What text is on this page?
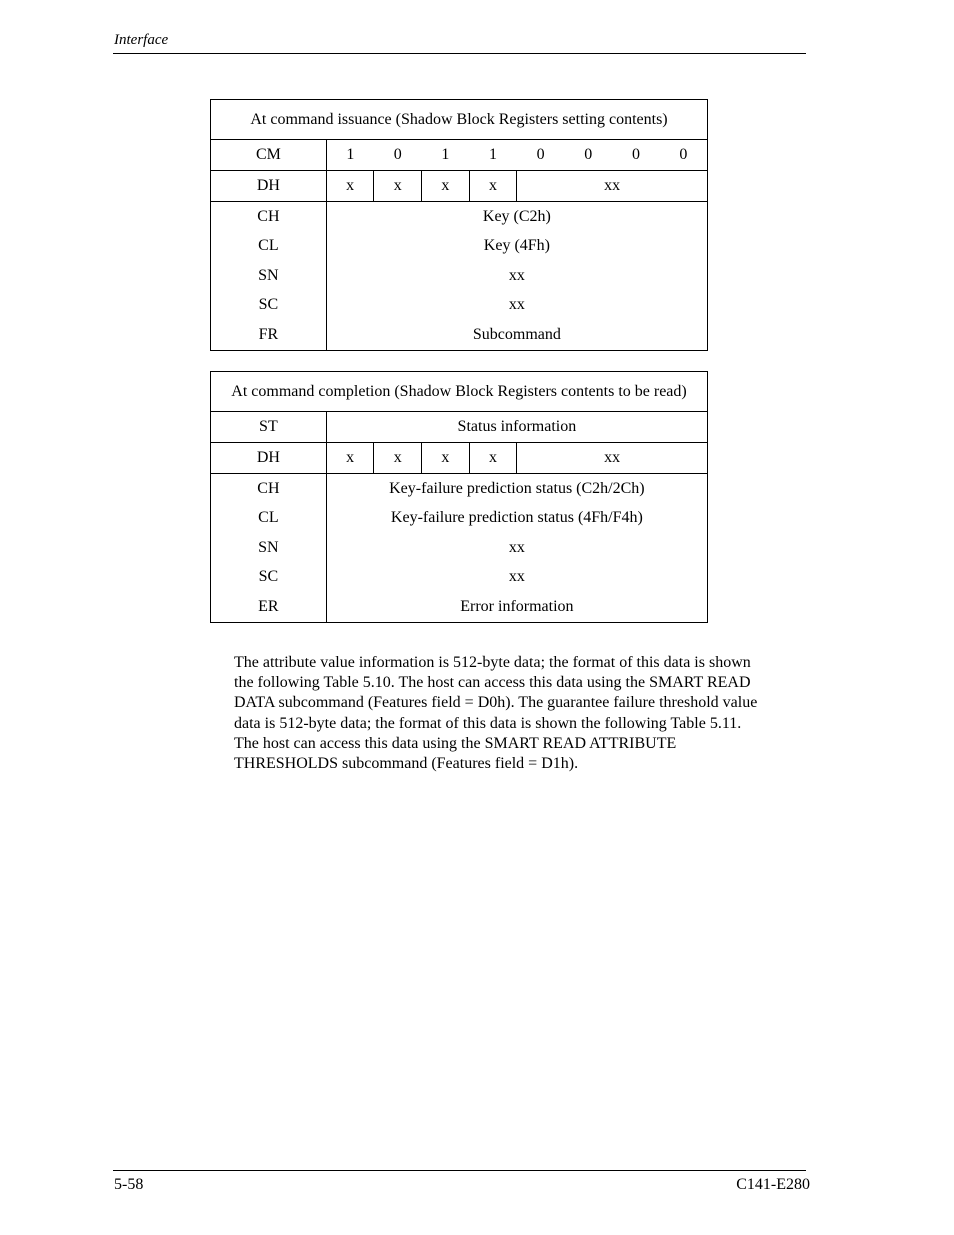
Interface
At command issuance (Shadow Block Registers setting contents)								
CM	1	0	1	1	0	0	0	0
DH	x	x	x	x	xx			
CH	Key (C2h)							
CL	Key (4Fh)							
SN	xx							
SC	xx							
FR	Subcommand							
At command completion (Shadow Block Registers contents to be read)					
ST	Status information				
DH	x	x	x	x	xx
CH	Key-failure prediction status (C2h/2Ch)				
CL	Key-failure prediction status (4Fh/F4h)				
SN	xx				
SC	xx				
ER	Error information				
The attribute value information is 512-byte data; the format of this data is shown
the following Table 5.10. The host can access this data using the SMART READ
DATA subcommand (Features field = D0h). The guarantee failure threshold value
data is 512-byte data; the format of this data is shown the following Table 5.11.
The host can access this data using the SMART READ ATTRIBUTE
THRESHOLDS subcommand (Features field = D1h).
5-58	C141-E280
